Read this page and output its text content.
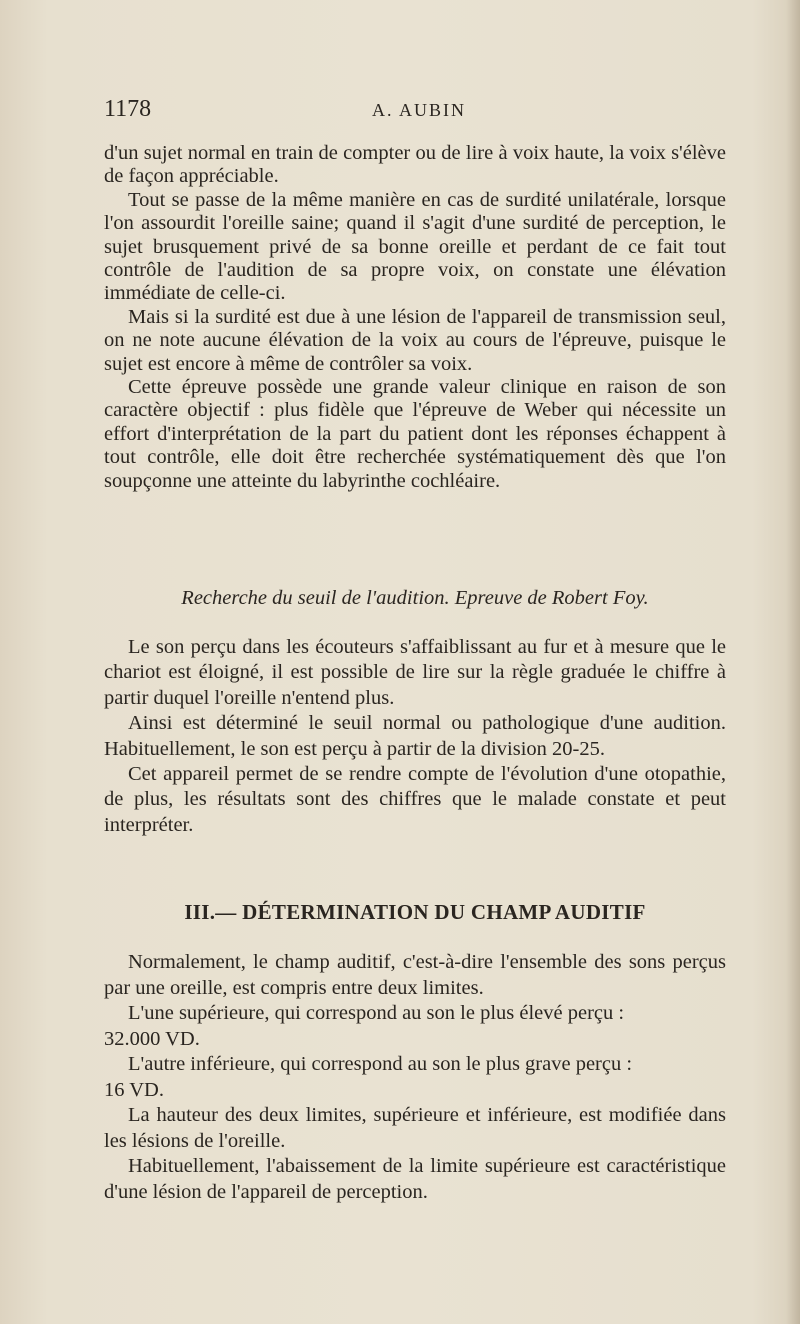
1178	A. AUBIN

d'un sujet normal en train de compter ou de lire à voix haute, la voix s'élève de façon appréciable.

Tout se passe de la même manière en cas de surdité unilatérale, lorsque l'on assourdit l'oreille saine; quand il s'agit d'une surdité de perception, le sujet brusquement privé de sa bonne oreille et perdant de ce fait tout contrôle de l'audition de sa propre voix, on constate une élévation immédiate de celle-ci.

Mais si la surdité est due à une lésion de l'appareil de transmission seul, on ne note aucune élévation de la voix au cours de l'épreuve, puisque le sujet est encore à même de contrôler sa voix.

Cette épreuve possède une grande valeur clinique en raison de son caractère objectif : plus fidèle que l'épreuve de Weber qui nécessite un effort d'interprétation de la part du patient dont les réponses échappent à tout contrôle, elle doit être recherchée systématiquement dès que l'on soupçonne une atteinte du labyrinthe cochléaire.

Recherche du seuil de l'audition. Epreuve de Robert Foy.

Le son perçu dans les écouteurs s'affaiblissant au fur et à mesure que le chariot est éloigné, il est possible de lire sur la règle graduée le chiffre à partir duquel l'oreille n'entend plus.

Ainsi est déterminé le seuil normal ou pathologique d'une audition. Habituellement, le son est perçu à partir de la division 20-25.

Cet appareil permet de se rendre compte de l'évolution d'une otopathie, de plus, les résultats sont des chiffres que le malade constate et peut interpréter.

III.— DÉTERMINATION DU CHAMP AUDITIF

Normalement, le champ auditif, c'est-à-dire l'ensemble des sons perçus par une oreille, est compris entre deux limites.

L'une supérieure, qui correspond au son le plus élevé perçu :

32.000 VD.

L'autre inférieure, qui correspond au son le plus grave perçu :

16 VD.

La hauteur des deux limites, supérieure et inférieure, est modifiée dans les lésions de l'oreille.

Habituellement, l'abaissement de la limite supérieure est caractéristique d'une lésion de l'appareil de perception.
